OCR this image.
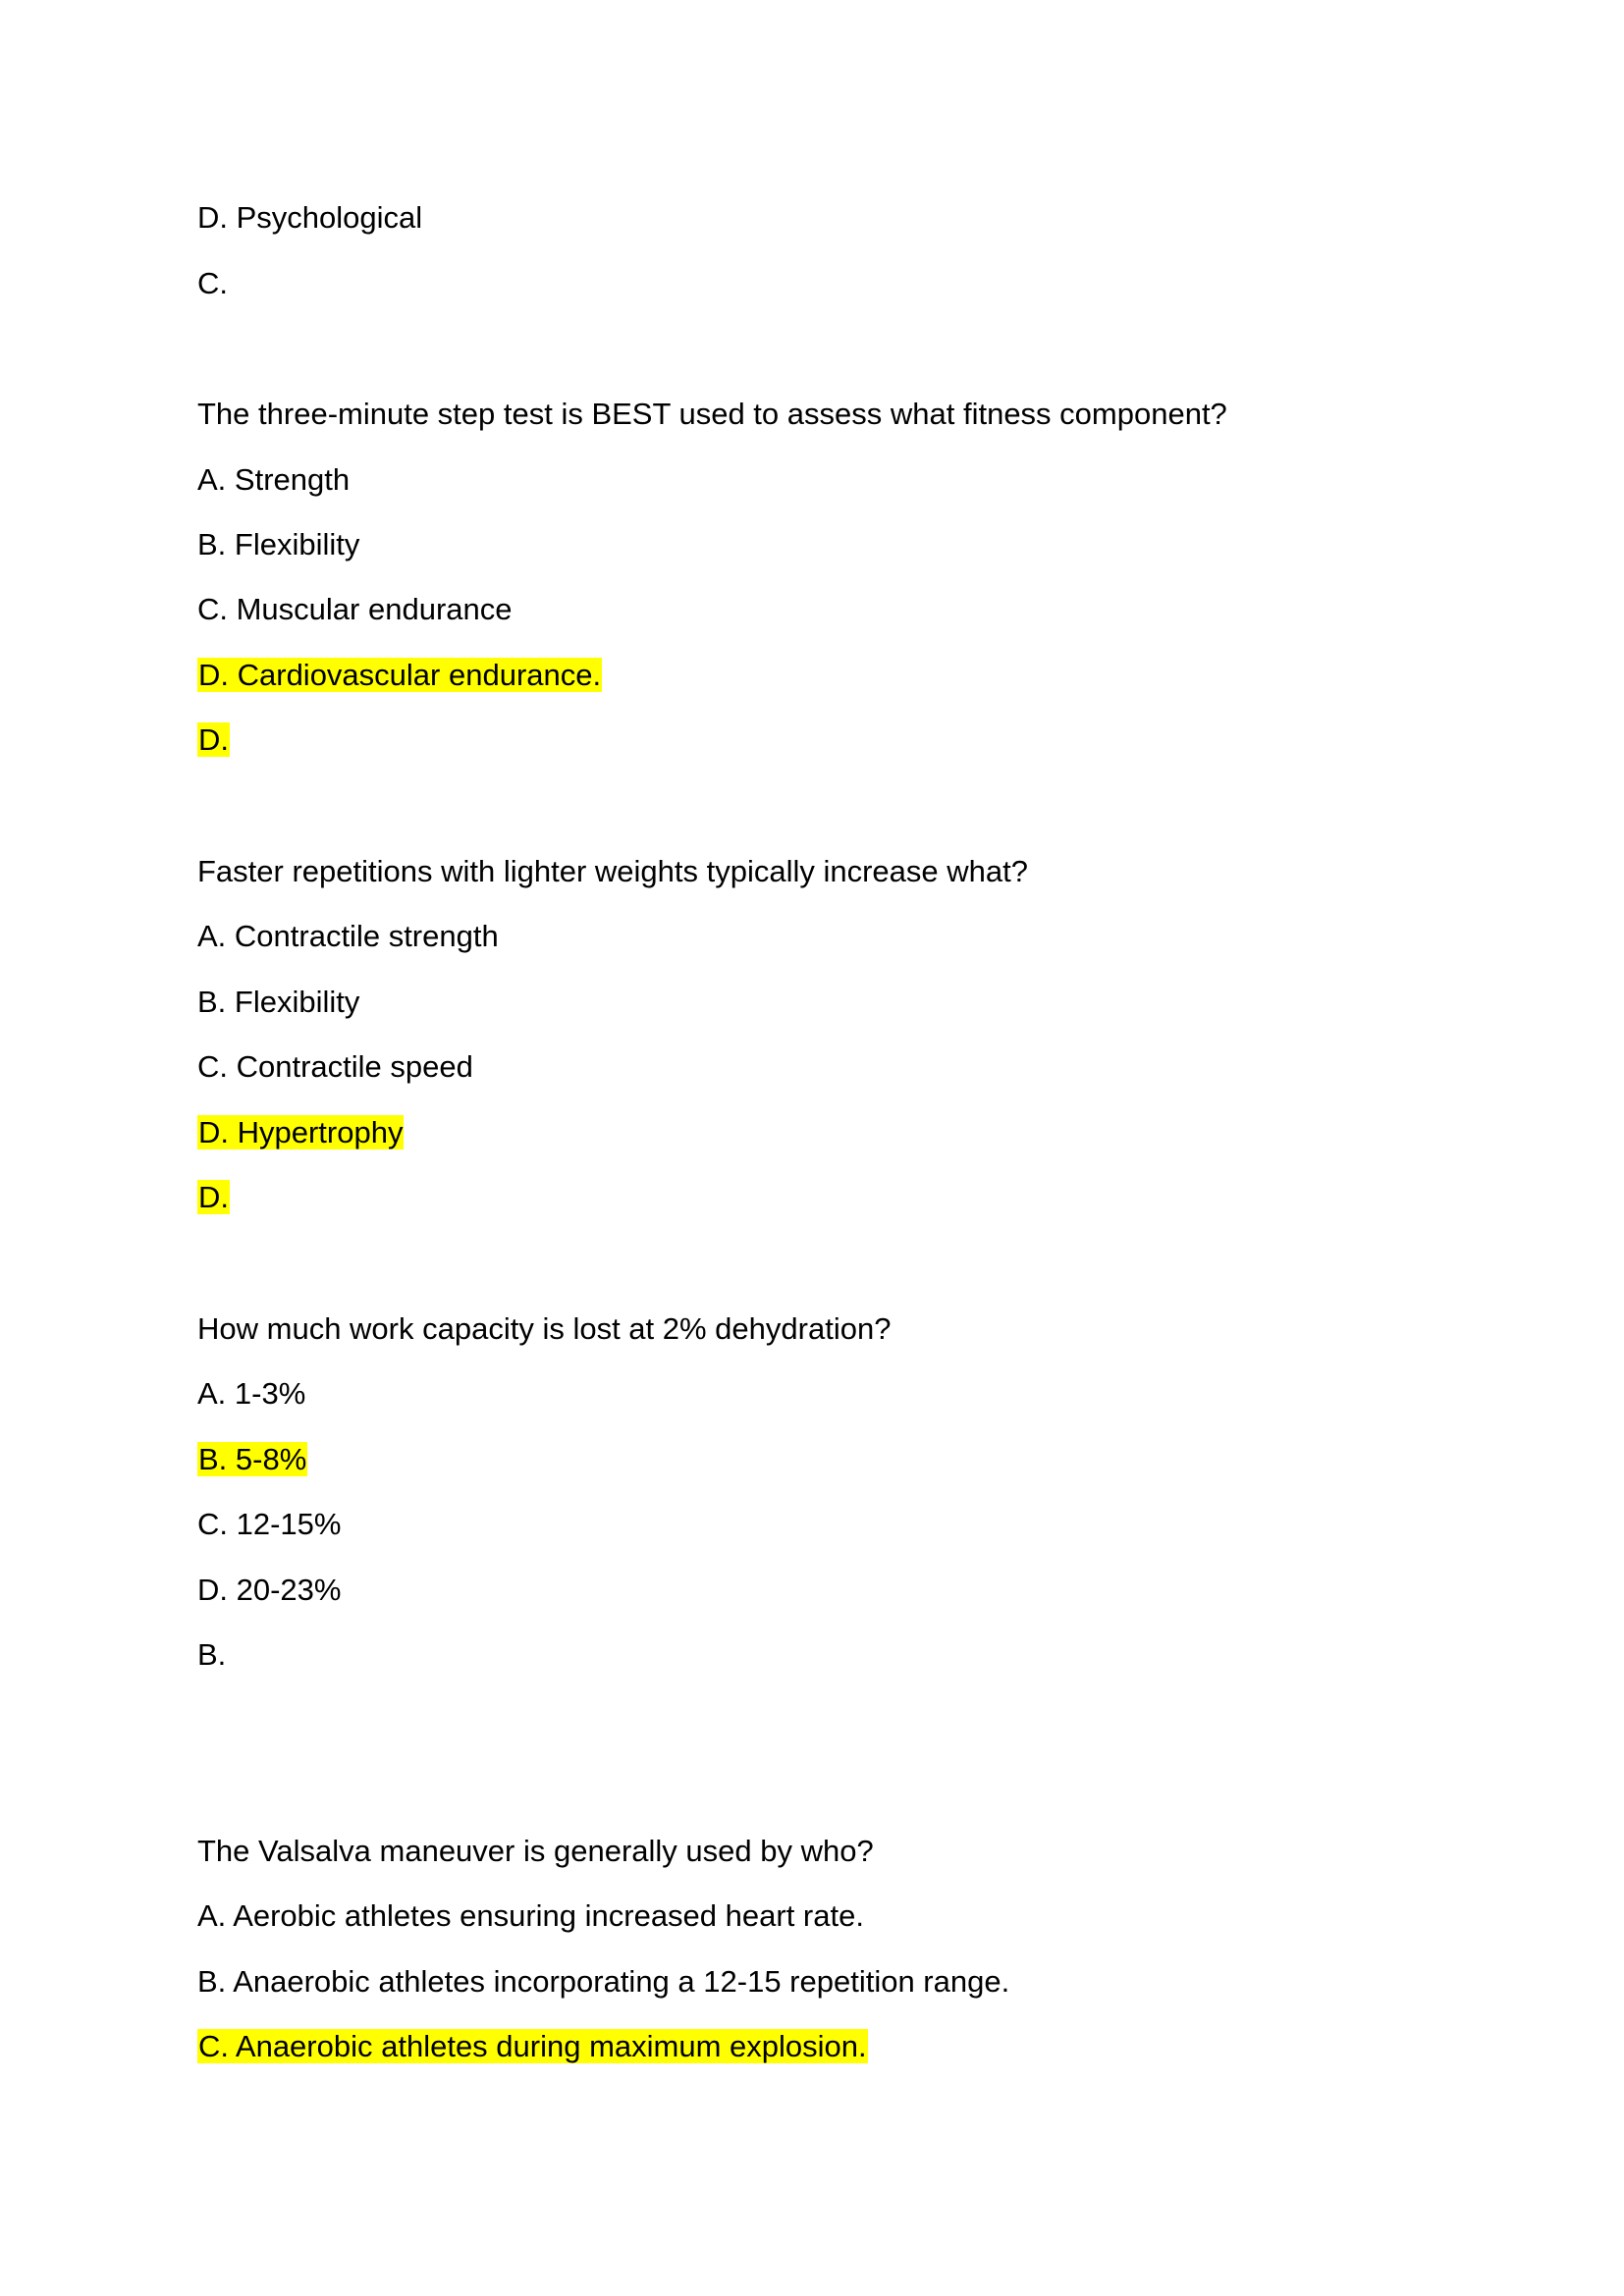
D. Psychological
C.
The three-minute step test is BEST used to assess what fitness component?
A. Strength
B. Flexibility
C. Muscular endurance
D. Cardiovascular endurance.
D.
Faster repetitions with lighter weights typically increase what?
A. Contractile strength
B. Flexibility
C. Contractile speed
D. Hypertrophy
D.
How much work capacity is lost at 2% dehydration?
A. 1-3%
B. 5-8%
C. 12-15%
D. 20-23%
B.
The Valsalva maneuver is generally used by who?
A. Aerobic athletes ensuring increased heart rate.
B. Anaerobic athletes incorporating a 12-15 repetition range.
C. Anaerobic athletes during maximum explosion.
